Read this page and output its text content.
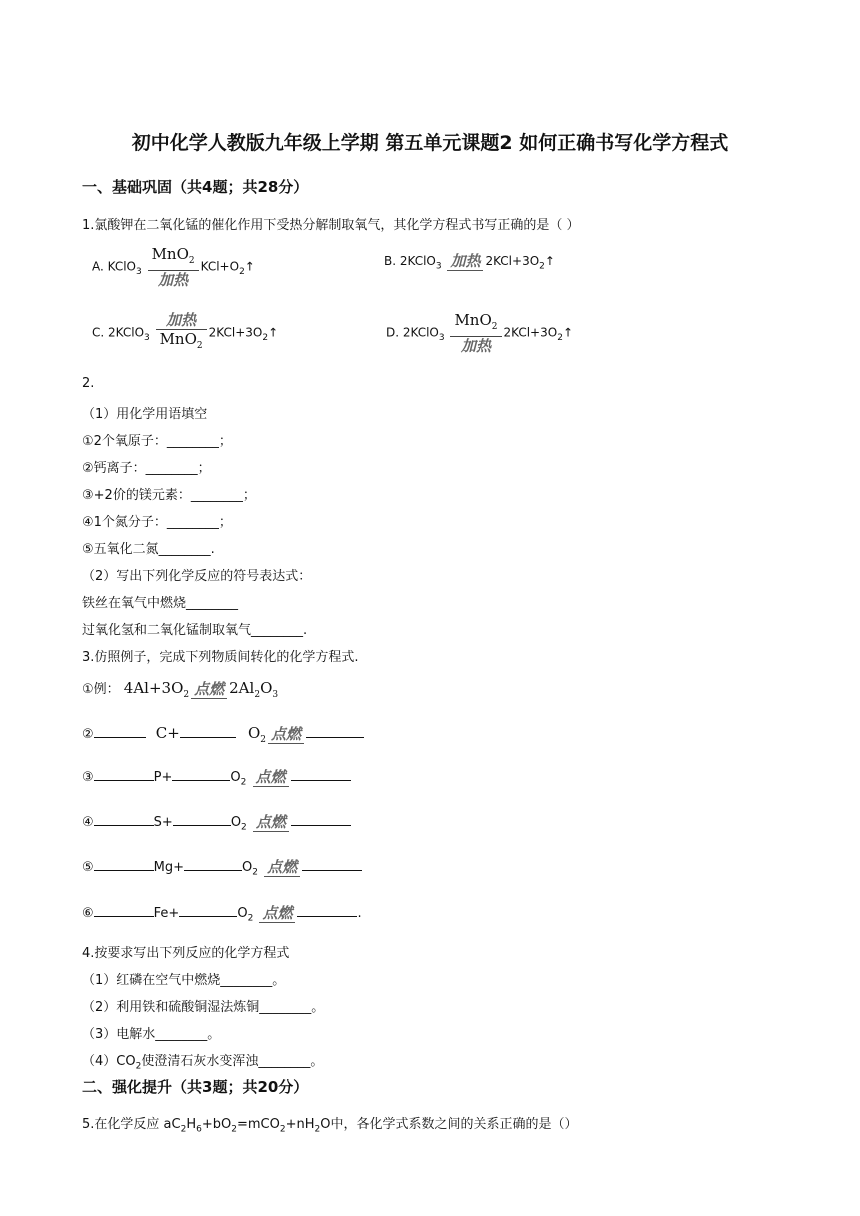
初中化学人教版九年级上学期 第五单元课题2 如何正确书写化学方程式
一、基础巩固（共4题；共28分）
1.氯酸钾在二氧化锰的催化作用下受热分解制取氧气，其化学方程式书写正确的是（ ）
A. KClO$_3$ $\frac{MnO_2}{\text{加热}}$ $KCl+O_2↑$	B. 2KClO$_3$ 加热 $2KCl+3O_2↑$
C. 2KClO$_3$ $\frac{\text{加热}}{MnO_2}$ $2KCl+3O_2↑$	D. 2KClO$_3$ $\frac{MnO_2}{\text{加热}}$ $2KCl+3O_2↑$
2.
（1）用化学用语填空
①2个氧原子：________；
②钙离子：________；
③+2价的镁元素：________；
④1个氮分子：________；
⑤五氧化二氮________.
（2）写出下列化学反应的符号表达式：
铁丝在氧气中燃烧________
过氧化氢和二氧化锰制取氧气________.
3.仿照例子，完成下列物质间转化的化学方程式.
①例： $4Al+3O_2$ 点燃 $2Al_2O_3$
②	C+	$O_2$ 点燃
③	P+	$O_2$ 点燃
④	S+	$O_2$ 点燃
⑤	Mg+	$O_2$ 点燃
⑥	Fe+	$O_2$ 点燃	.
4.按要求写出下列反应的化学方程式
（1）红磷在空气中燃烧________。
（2）利用铁和硫酸铜湿法炼铜________。
（3）电解水________。
$(4)CO_2$使澄清石灰水变浑浊________。
二、强化提升（共3题；共20分）
5.在化学反应 $aC_2H_6+bO_2=mCO_2+nH_2O$中，各化学式系数之间的关系正确的是（）
